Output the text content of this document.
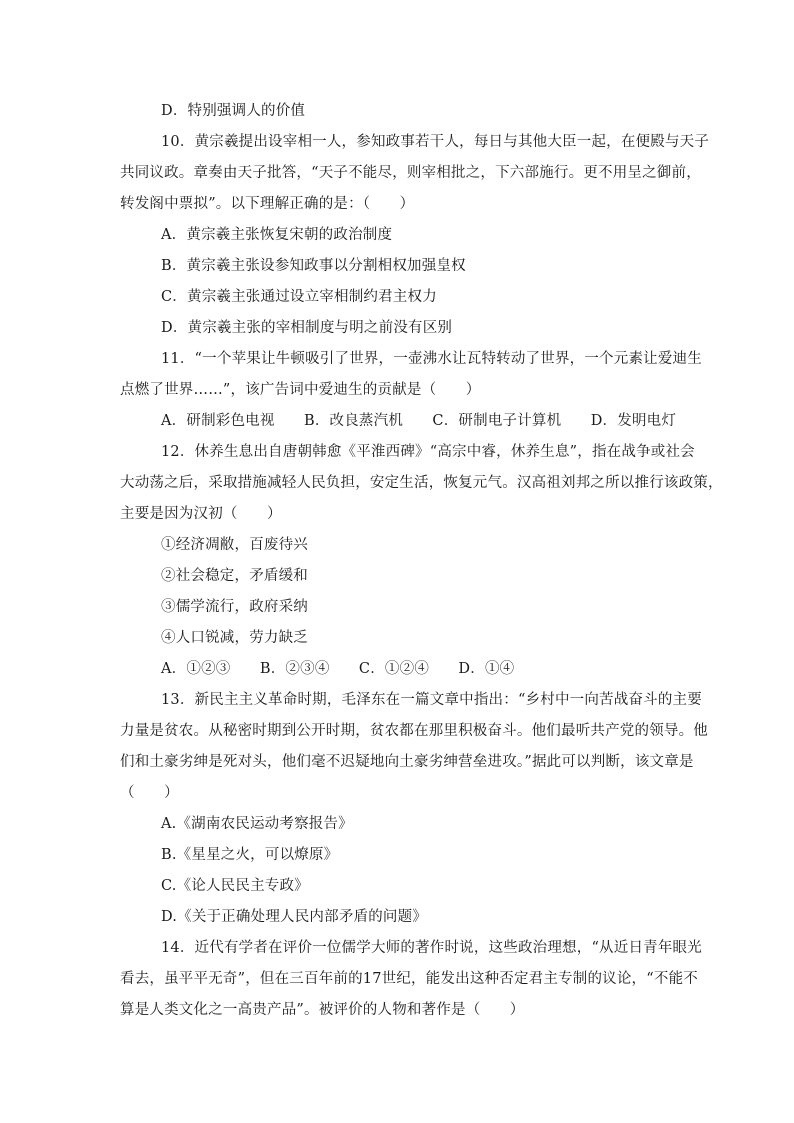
D．特别强调人的价值
10．黄宗羲提出设宰相一人，参知政事若干人，每日与其他大臣一起，在便殿与天子
共同议政。章奏由天子批答，“天子不能尽，则宰相批之，下六部施行。更不用呈之御前，
转发阁中票拟”。以下理解正确的是：（　　）
A．黄宗羲主张恢复宋朝的政治制度
B．黄宗羲主张设参知政事以分割相权加强皇权
C．黄宗羲主张通过设立宰相制约君主权力
D．黄宗羲主张的宰相制度与明之前没有区别
11．“一个苹果让牛顿吸引了世界，一壶沸水让瓦特转动了世界，一个元素让爱迪生
点燃了世界……”，该广告词中爱迪生的贡献是（　　）
A．研制彩色电视　　B．改良蒸汽机　　C．研制电子计算机　　D．发明电灯
12．休养生息出自唐朝韩愈《平淮西碑》“高宗中睿，休养生息”，指在战争或社会
大动荡之后，采取措施减轻人民负担，安定生活，恢复元气。汉高祖刘邦之所以推行该政策，
主要是因为汉初（　　）
①经济凋敝，百废待兴
②社会稳定，矛盾缓和
③儒学流行，政府采纳
④人口锐减，劳力缺乏
A．①②③　　B．②③④　　C．①②④　　D．①④
13．新民主主义革命时期，毛泽东在一篇文章中指出：“乡村中一向苦战奋斗的主要
力量是贫农。从秘密时期到公开时期，贫农都在那里积极奋斗。他们最听共产党的领导。他
们和土豪劣绅是死对头，他们毫不迟疑地向土豪劣绅营垒进攻。”据此可以判断，该文章是
（　　）
A.《湖南农民运动考察报告》
B.《星星之火，可以燎原》
C.《论人民民主专政》
D.《关于正确处理人民内部矛盾的问题》
14．近代有学者在评价一位儒学大师的著作时说，这些政治理想，“从近日青年眼光
看去，虽平平无奇”，但在三百年前的17世纪，能发出这种否定君主专制的议论，“不能不
算是人类文化之一高贵产品”。被评价的人物和著作是（　　）
